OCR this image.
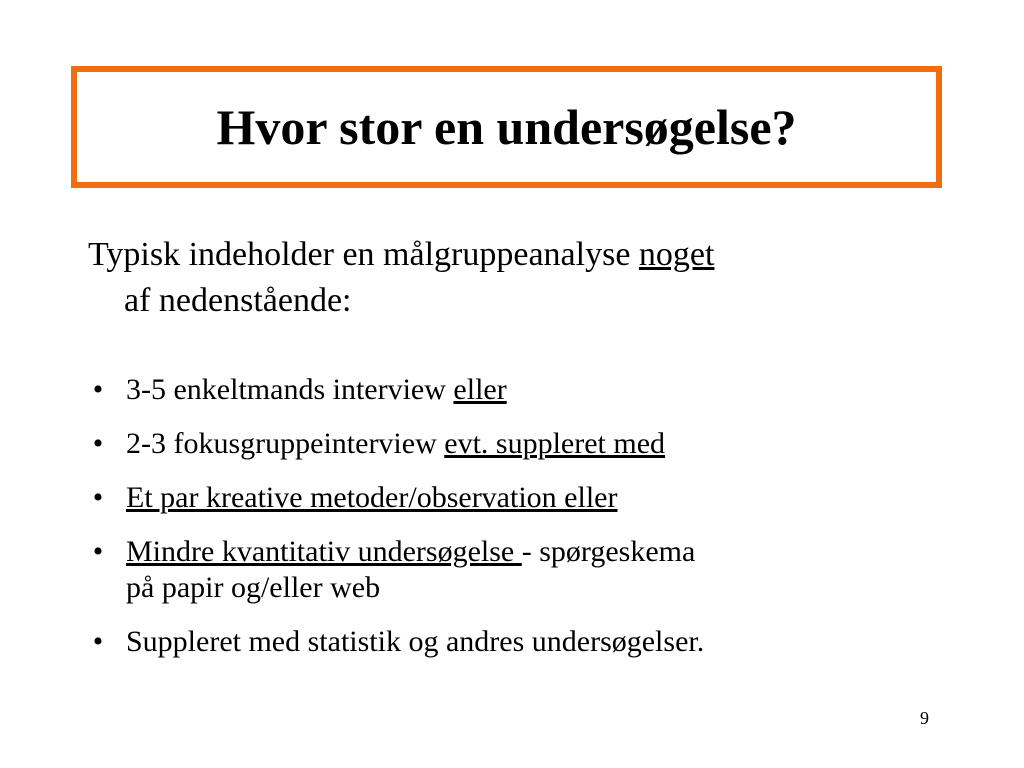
Hvor stor en undersøgelse?

Typisk indeholder en målgruppeanalyse noget
af nedenstående:

• 3-5 enkeltmands interview eller
• 2-3 fokusgruppeinterview evt. suppleret med
• Et par kreative metoder/observation eller
• Mindre kvantitativ undersøgelse - spørgeskema
på papir og/eller web
• Suppleret med statistik og andres undersøgelser.

9
